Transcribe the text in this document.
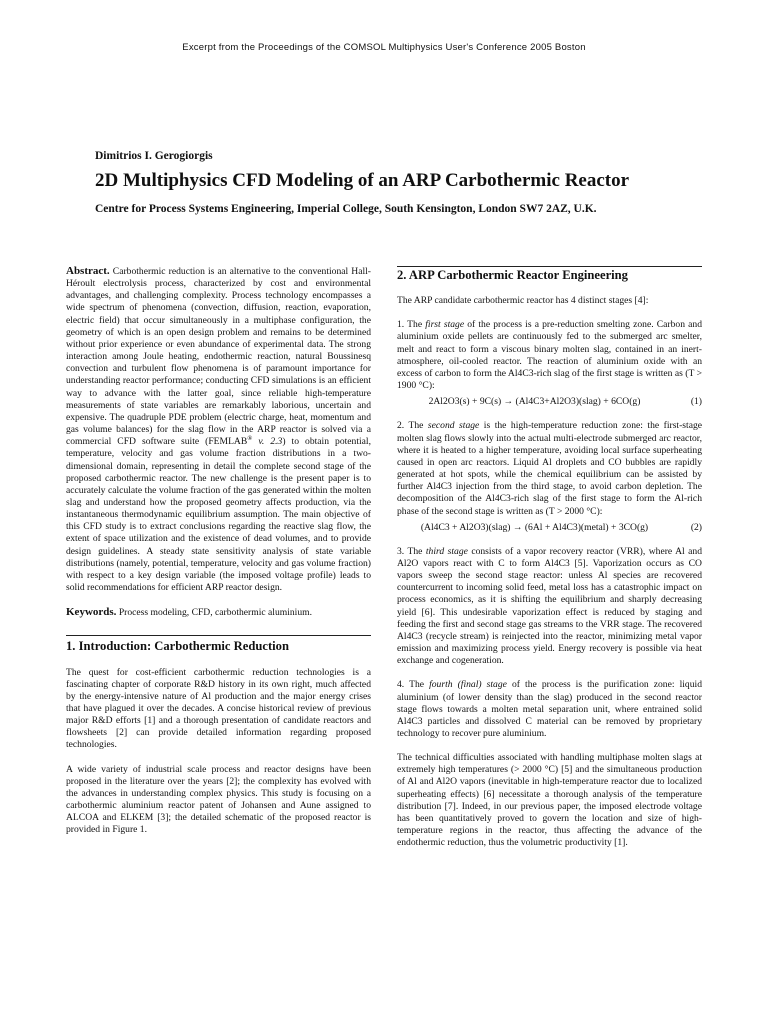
Excerpt from the Proceedings of the COMSOL Multiphysics User's Conference 2005 Boston
Dimitrios I. Gerogiorgis
2D Multiphysics CFD Modeling of an ARP Carbothermic Reactor
Centre for Process Systems Engineering, Imperial College, South Kensington, London SW7 2AZ, U.K.

Abstract. Carbothermic reduction is an alternative to the conventional Hall-Héroult electrolysis process, characterized by cost and environmental advantages, and challenging complexity. Process technology encompasses a wide spectrum of phenomena (convection, diffusion, reaction, evaporation, electric field) that occur simultaneously in a multiphase configuration, the geometry of which is an open design problem and remains to be determined without prior experience or even abundance of experimental data. The strong interaction among Joule heating, endothermic reaction, natural Boussinesq convection and turbulent flow phenomena is of paramount importance for understanding reactor performance; conducting CFD simulations is an efficient way to advance with the latter goal, since reliable high-temperature measurements of state variables are remarkably laborious, uncertain and expensive. The quadruple PDE problem (electric charge, heat, momentum and gas volume balances) for the slag flow in the ARP reactor is solved via a commercial CFD software suite (FEMLAB® v. 2.3) to obtain potential, temperature, velocity and gas volume fraction distributions in a two-dimensional domain, representing in detail the complete second stage of the proposed carbothermic reactor. The new challenge is the present paper is to accurately calculate the volume fraction of the gas generated within the molten slag and understand how the proposed geometry affects production, via the instantaneous thermodynamic equilibrium assumption. The main objective of this CFD study is to extract conclusions regarding the reactive slag flow, the extent of space utilization and the existence of dead volumes, and to provide design guidelines. A steady state sensitivity analysis of state variable distributions (namely, potential, temperature, velocity and gas volume fraction) with respect to a key design variable (the imposed voltage profile) leads to solid recommendations for efficient ARP reactor design.

Keywords. Process modeling, CFD, carbothermic aluminium.

1. Introduction: Carbothermic Reduction

The quest for cost-efficient carbothermic reduction technologies is a fascinating chapter of corporate R&D history in its own right, much affected by the energy-intensive nature of Al production and the major energy crises that have plagued it over the decades. A concise historical review of previous major R&D efforts [1] and a thorough presentation of candidate reactors and flowsheets [2] can provide detailed information regarding proposed technologies.

A wide variety of industrial scale process and reactor designs have been proposed in the literature over the years [2]; the complexity has evolved with the advances in understanding complex physics. This study is focusing on a carbothermic aluminium reactor patent of Johansen and Aune assigned to ALCOA and ELKEM [3]; the detailed schematic of the proposed reactor is provided in Figure 1.

2. ARP Carbothermic Reactor Engineering

The ARP candidate carbothermic reactor has 4 distinct stages [4]:

1. The first stage of the process is a pre-reduction smelting zone. Carbon and aluminium oxide pellets are continuously fed to the submerged arc smelter, melt and react to form a viscous binary molten slag, contained in an inert-atmosphere, oil-cooled reactor. The reaction of aluminium oxide with an excess of carbon to form the Al4C3-rich slag of the first stage is written as (T > 1900 °C):

2Al2O3(s) + 9C(s) → (Al4C3+Al2O3)(slag) + 6CO(g)	(1)

2. The second stage is the high-temperature reduction zone: the first-stage molten slag flows slowly into the actual multi-electrode submerged arc reactor, where it is heated to a higher temperature, avoiding local surface superheating caused in open arc reactors. Liquid Al droplets and CO bubbles are rapidly generated at hot spots, while the chemical equilibrium can be assisted by further Al4C3 injection from the third stage, to avoid carbon depletion. The decomposition of the Al4C3-rich slag of the first stage to form the Al-rich phase of the second stage is written as (T > 2000 °C):

(Al4C3 + Al2O3)(slag) → (6Al + Al4C3)(metal) + 3CO(g)	(2)

3. The third stage consists of a vapor recovery reactor (VRR), where Al and Al2O vapors react with C to form Al4C3 [5]. Vaporization occurs as CO vapors sweep the second stage reactor: unless Al species are recovered countercurrent to incoming solid feed, metal loss has a catastrophic impact on process economics, as it is shifting the equilibrium and sharply decreasing yield [6]. This undesirable vaporization effect is reduced by staging and feeding the first and second stage gas streams to the VRR stage. The recovered Al4C3 (recycle stream) is reinjected into the reactor, minimizing metal vapor emission and maximizing process yield. Energy recovery is possible via heat exchange and cogeneration.

4. The fourth (final) stage of the process is the purification zone: liquid aluminium (of lower density than the slag) produced in the second reactor stage flows towards a molten metal separation unit, where entrained solid Al4C3 particles and dissolved C material can be removed by proprietary technology to recover pure aluminium.

The technical difficulties associated with handling multiphase molten slags at extremely high temperatures (> 2000 °C) [5] and the simultaneous production of Al and Al2O vapors (inevitable in high-temperature reactor due to localized superheating effects) [6] necessitate a thorough analysis of the temperature distribution [7]. Indeed, in our previous paper, the imposed electrode voltage has been quantitatively proved to govern the location and size of high-temperature regions in the reactor, thus affecting the advance of the endothermic reduction, thus the volumetric productivity [1].
